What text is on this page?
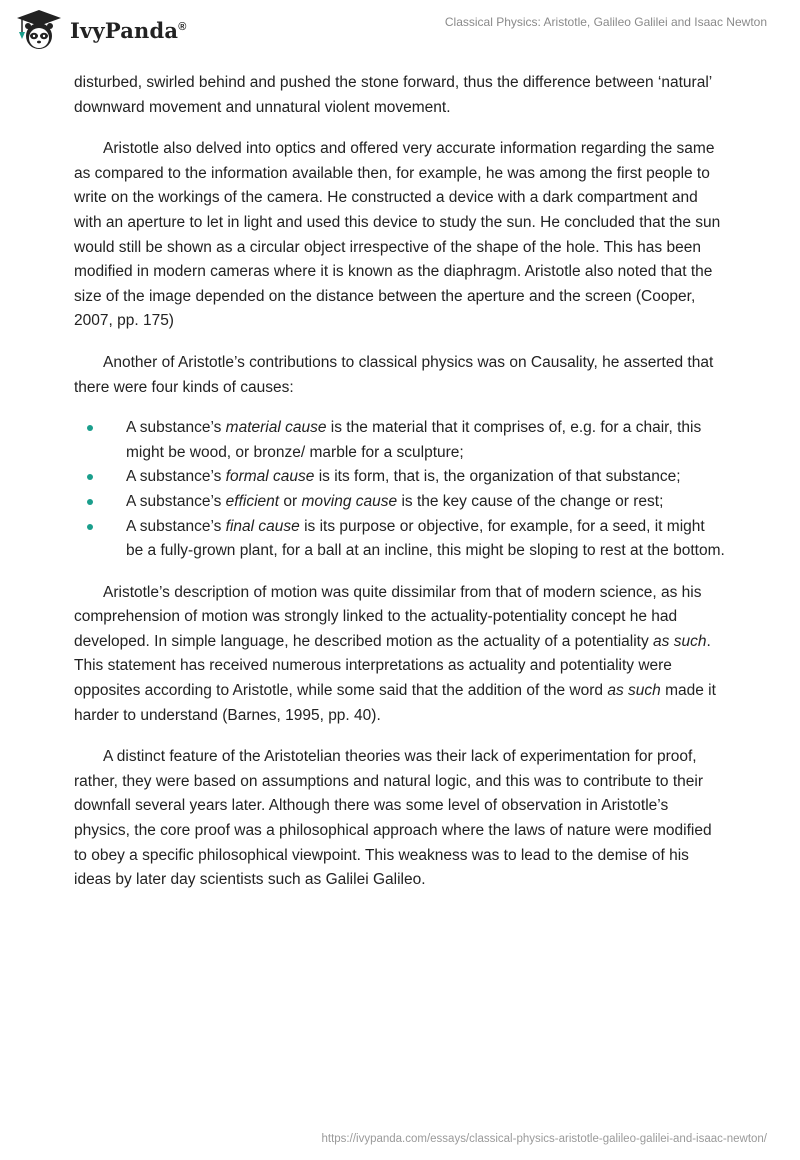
IvyPanda®	Classical Physics: Aristotle, Galileo Galilei and Isaac Newton

disturbed, swirled behind and pushed the stone forward, thus the difference between ‘natural’ downward movement and unnatural violent movement.

Aristotle also delved into optics and offered very accurate information regarding the same as compared to the information available then, for example, he was among the first people to write on the workings of the camera. He constructed a device with a dark compartment and with an aperture to let in light and used this device to study the sun. He concluded that the sun would still be shown as a circular object irrespective of the shape of the hole. This has been modified in modern cameras where it is known as the diaphragm. Aristotle also noted that the size of the image depended on the distance between the aperture and the screen (Cooper, 2007, pp. 175)

Another of Aristotle’s contributions to classical physics was on Causality, he asserted that there were four kinds of causes:

A substance’s material cause is the material that it comprises of, e.g. for a chair, this might be wood, or bronze/ marble for a sculpture;
A substance’s formal cause is its form, that is, the organization of that substance;
A substance’s efficient or moving cause is the key cause of the change or rest;
A substance’s final cause is its purpose or objective, for example, for a seed, it might be a fully-grown plant, for a ball at an incline, this might be sloping to rest at the bottom.

Aristotle’s description of motion was quite dissimilar from that of modern science, as his comprehension of motion was strongly linked to the actuality-potentiality concept he had developed. In simple language, he described motion as the actuality of a potentiality as such. This statement has received numerous interpretations as actuality and potentiality were opposites according to Aristotle, while some said that the addition of the word as such made it harder to understand (Barnes, 1995, pp. 40).

A distinct feature of the Aristotelian theories was their lack of experimentation for proof, rather, they were based on assumptions and natural logic, and this was to contribute to their downfall several years later. Although there was some level of observation in Aristotle’s physics, the core proof was a philosophical approach where the laws of nature were modified to obey a specific philosophical viewpoint. This weakness was to lead to the demise of his ideas by later day scientists such as Galilei Galileo.

https://ivypanda.com/essays/classical-physics-aristotle-galileo-galilei-and-isaac-newton/
